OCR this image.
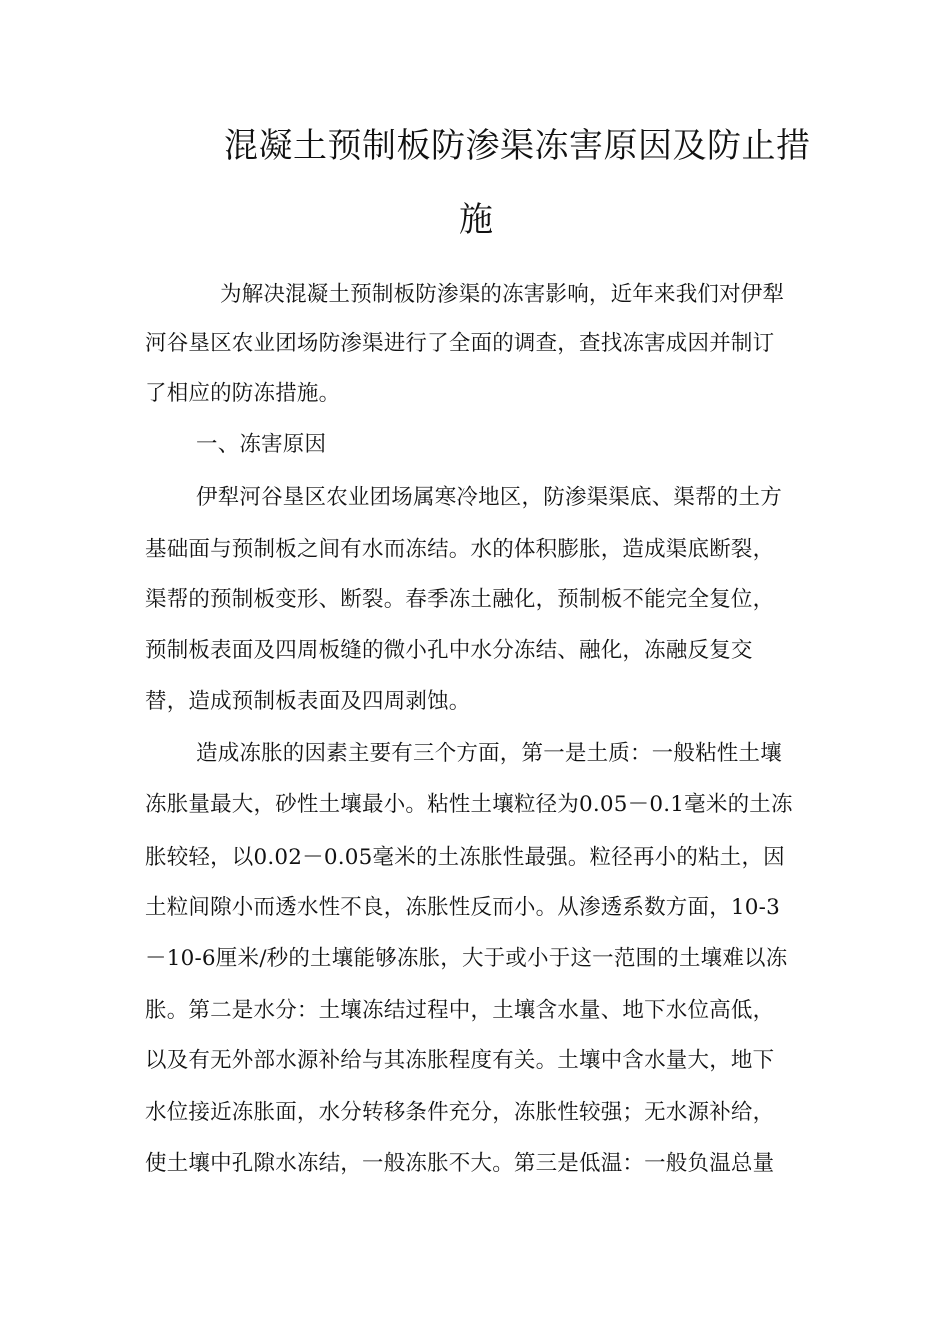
混凝土预制板防渗渠冻害原因及防止措
施
为解决混凝土预制板防渗渠的冻害影响，近年来我们对伊犁
河谷垦区农业团场防渗渠进行了全面的调查，查找冻害成因并制订
了相应的防冻措施。
一、冻害原因
伊犁河谷垦区农业团场属寒冷地区，防渗渠渠底、渠帮的土方
基础面与预制板之间有水而冻结。水的体积膨胀，造成渠底断裂，
渠帮的预制板变形、断裂。春季冻土融化，预制板不能完全复位，
预制板表面及四周板缝的微小孔中水分冻结、融化，冻融反复交
替，造成预制板表面及四周剥蚀。
造成冻胀的因素主要有三个方面，第一是土质：一般粘性土壤
冻胀量最大，砂性土壤最小。粘性土壤粒径为0.05－0.1毫米的土冻
胀较轻，以0.02－0.05毫米的土冻胀性最强。粒径再小的粘土，因
土粒间隙小而透水性不良，冻胀性反而小。从渗透系数方面，10-3
－10-6厘米/秒的土壤能够冻胀，大于或小于这一范围的土壤难以冻
胀。第二是水分：土壤冻结过程中，土壤含水量、地下水位高低，
以及有无外部水源补给与其冻胀程度有关。土壤中含水量大，地下
水位接近冻胀面，水分转移条件充分，冻胀性较强；无水源补给，
使土壤中孔隙水冻结，一般冻胀不大。第三是低温：一般负温总量
